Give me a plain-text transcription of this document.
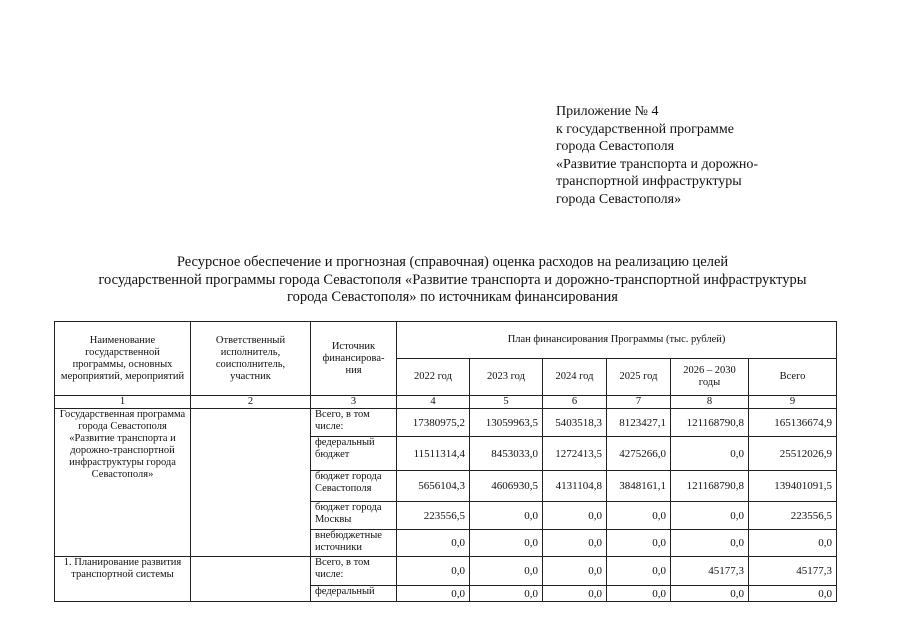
Приложение № 4
к государственной программе
города Севастополя
«Развитие транспорта и дорожно-
транспортной инфраструктуры
города Севастополя»
Ресурсное обеспечение и прогнозная (справочная) оценка расходов на реализацию целей
государственной программы города Севастополя «Развитие транспорта и дорожно-транспортной инфраструктуры
города Севастополя» по источникам финансирования
Наименование государственной программы, основных мероприятий, мероприятий	Ответственный исполнитель, соисполнитель, участник	Источник финансирова-ния	План финансирования Программы (тыс. рублей)					
			2022 год	2023 год	2024 год	2025 год	2026 – 2030 годы	Всего
1	2	3	4	5	6	7	8	9
Государственная программа города Севастополя «Развитие транспорта и дорожно-транспортной инфраструктуры города Севастополя»		Всего, в том числе:	17380975,2	13059963,5	5403518,3	8123427,1	121168790,8	165136674,9
		федеральный бюджет	11511314,4	8453033,0	1272413,5	4275266,0	0,0	25512026,9
		бюджет города Севастополя	5656104,3	4606930,5	4131104,8	3848161,1	121168790,8	139401091,5
		бюджет города Москвы	223556,5	0,0	0,0	0,0	0,0	223556,5
		внебюджетные источники	0,0	0,0	0,0	0,0	0,0	0,0
1. Планирование развития транспортной системы		Всего, в том числе:	0,0	0,0	0,0	0,0	45177,3	45177,3
		федеральный	0,0	0,0	0,0	0,0	0,0	0,0
